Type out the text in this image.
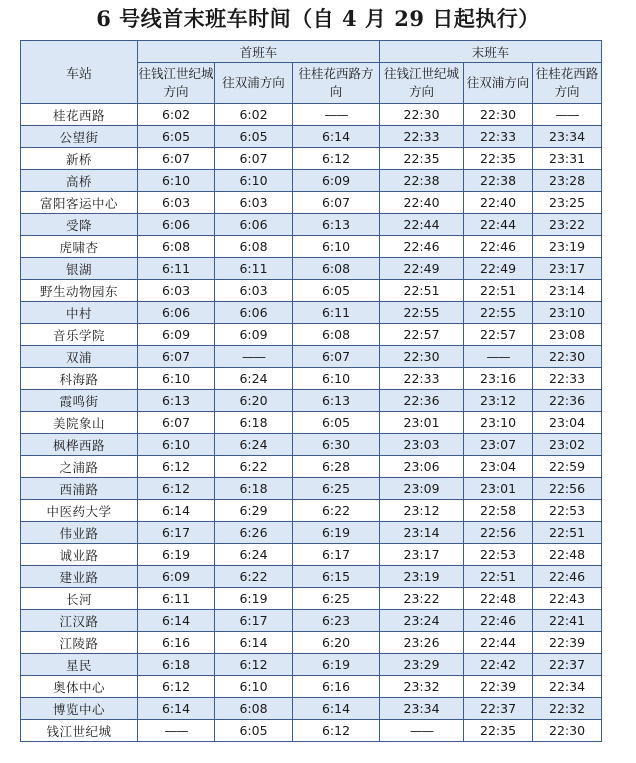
6 号线首末班车时间（自 4 月 29 日起执行）
车站	首班车			末班车		
	往钱江世纪城方向	往双浦方向	往桂花西路方向	往钱江世纪城方向	往双浦方向	往桂花西路方向
桂花西路	6:02	6:02	——	22:30	22:30	——
公望街	6:05	6:05	6:14	22:33	22:33	23:34
新桥	6:07	6:07	6:12	22:35	22:35	23:31
高桥	6:10	6:10	6:09	22:38	22:38	23:28
富阳客运中心	6:03	6:03	6:07	22:40	22:40	23:25
受降	6:06	6:06	6:13	22:44	22:44	23:22
虎啸杏	6:08	6:08	6:10	22:46	22:46	23:19
银湖	6:11	6:11	6:08	22:49	22:49	23:17
野生动物园东	6:03	6:03	6:05	22:51	22:51	23:14
中村	6:06	6:06	6:11	22:55	22:55	23:10
音乐学院	6:09	6:09	6:08	22:57	22:57	23:08
双浦	6:07	——	6:07	22:30	——	22:30
科海路	6:10	6:24	6:10	22:33	23:16	22:33
霞鸣街	6:13	6:20	6:13	22:36	23:12	22:36
美院象山	6:07	6:18	6:05	23:01	23:10	23:04
枫桦西路	6:10	6:24	6:30	23:03	23:07	23:02
之浦路	6:12	6:22	6:28	23:06	23:04	22:59
西浦路	6:12	6:18	6:25	23:09	23:01	22:56
中医药大学	6:14	6:29	6:22	23:12	22:58	22:53
伟业路	6:17	6:26	6:19	23:14	22:56	22:51
诚业路	6:19	6:24	6:17	23:17	22:53	22:48
建业路	6:09	6:22	6:15	23:19	22:51	22:46
长河	6:11	6:19	6:25	23:22	22:48	22:43
江汉路	6:14	6:17	6:23	23:24	22:46	22:41
江陵路	6:16	6:14	6:20	23:26	22:44	22:39
星民	6:18	6:12	6:19	23:29	22:42	22:37
奥体中心	6:12	6:10	6:16	23:32	22:39	22:34
博览中心	6:14	6:08	6:14	23:34	22:37	22:32
钱江世纪城	——	6:05	6:12	——	22:35	22:30
